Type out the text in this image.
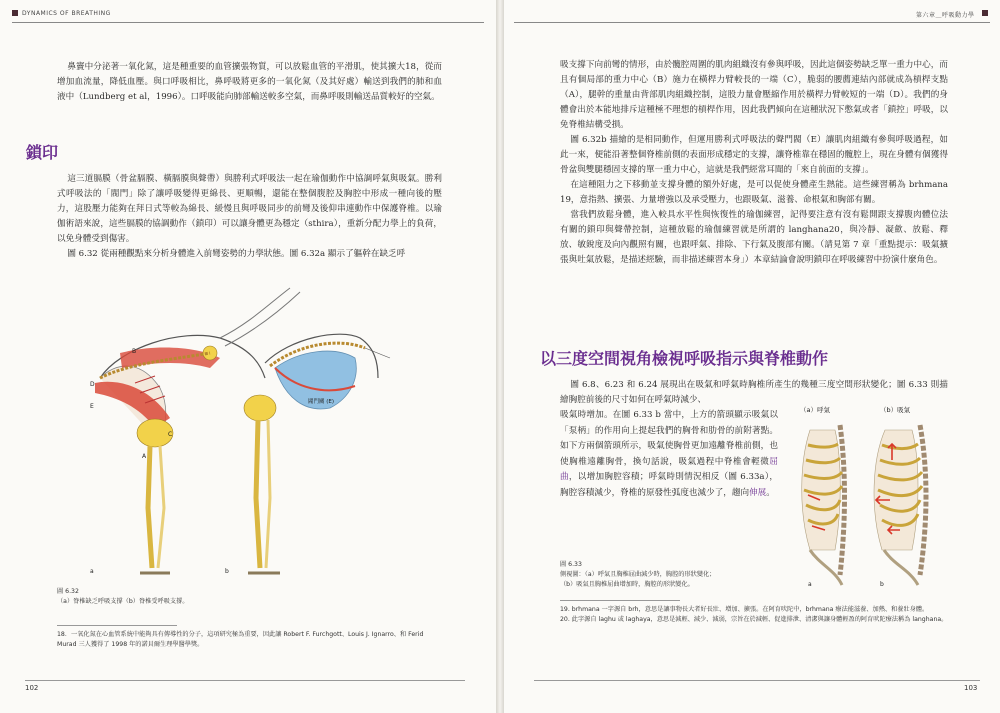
DYNAMICS OF BREATHING

鼻竇中分泌著一氧化氮，這是種重要的血管擴張物質，可以放鬆血管的平滑肌，使其擴大18，從而增加血流量，降低血壓。與口呼吸相比，鼻呼吸將更多的一氧化氮（及其好處）輸送到我們的肺和血液中（Lundberg et al，1996）。口呼吸能向肺部輸送較多空氣，而鼻呼吸則輸送品質較好的空氣。

鎖印

這三道膈膜（骨盆膈膜、橫膈膜與聲帶）與勝利式呼吸法一起在瑜伽動作中協調呼氣與吸氣。勝利式呼吸法的「閥門」除了讓呼吸變得更綿長、更順暢，還能在整個腹腔及胸腔中形成一種向後的壓力，這股壓力能夠在拜日式等較為綿長、緩慢且與呼吸同步的前彎及後仰串連動作中保護脊椎。以瑜伽術語來說，這些膈膜的協調動作（鎖印）可以讓身體更為穩定（sthira），重新分配力學上的負荷，以免身體受到傷害。

圖 6.32 從兩種觀點來分析身體進入前彎姿勢的力學狀態。圖 6.32a 顯示了軀幹在缺乏呼

B
D
E
C
A
a
閥門關 (E)
b
圖 6.32
（a）脊椎缺乏呼吸支撐（b）脊椎受呼吸支撐。
18．一氧化氮在心血管系統中能夠具有傳導性的分子，這項研究極為重要，因此讓 Robert F. Furchgott、Louis J. Ignarro、和 Ferid Murad 三人獲得了 1998 年的諾貝爾生理學醫學獎。
102
第六章＿呼吸動力學

吸支撐下向前彎的情形，由於髖腔周圍的肌肉組織沒有參與呼吸，因此這個姿勢缺乏單一重力中心，而且有個局部的重力中心（B）施力在橫桿力臂較長的一端（C），脆弱的腰薦連結內部就成為槓桿支點（A），腿幹的重量由背部肌肉組織控制，這股力量會壓縮作用於橫桿力臂較短的一端（D）。我們的身體會出於本能地排斥這種極不理想的槓桿作用，因此我們傾向在這種狀況下憋氣或者「鎖控」呼吸，以免脊椎結構受損。

圖 6.32b 描繪的是相同動作，但運用勝利式呼吸法的聲門閥（E）讓肌肉組織有參與呼吸過程，如此一來，便能沿著整個脊椎前側的表面形成穩定的支撐，讓脊椎靠在穩固的髖腔上，現在身體有個獲得骨盆與雙腿穩固支撐的單一重力中心，這就是我們經常耳聞的「來自前面的支撐」。

在這種阻力之下移動並支撐身體的額外好處，是可以促使身體產生熱能。這些練習稱為 brhmana 19，意指熱、擴張、力量增強以及承受壓力，也跟吸氣、滋養、命根氣和胸部有關。

當我們放鬆身體，進入較具水平性與恢復性的瑜伽練習，記得要注意有沒有鬆開跟支撐腹肉體位法有關的鎖印與聲帶控制，這種放鬆的瑜伽練習就是所謂的 langhana20，與冷靜、凝歛、放鬆、釋放、敏銳度及向內觀照有關，也跟呼氣、排除、下行氣及腹部有關。（請見第 7 章「重點提示：吸氣擴張與吐氣放鬆，是描述經驗，而非描述練習本身」）本章結論會說明鎖印在呼吸練習中扮演什麼角色。

以三度空間視角檢視呼吸指示與脊椎動作

圖 6.8、6.23 和 6.24 展現出在吸氣和呼氣時胸椎所產生的幾種三度空間形狀變化；圖 6.33 則描繪胸腔前後的尺寸如何在呼氣時減少、

吸氣時增加。在圖 6.33 b 當中，上方的箭頭顯示吸氣以「泵柄」的作用向上提起我們的胸骨和肋骨的前附著點。如下方兩個箭頭所示，吸氣使胸骨更加遠離脊椎前側，也使胸椎遠離胸骨，換句話說，吸氣過程中脊椎會輕微屈曲，以增加胸腔容積；呼氣時則情況相反（圖 6.33a），胸腔容積減少，脊椎的原發性弧度也減少了，趨向伸展。

（a）呼氣	（b）吸氣
a	b
圖 6.33
側視圖：（a）呼氣且胸椎屈曲減少時，胸腔的形狀變化；
（b）吸氣且胸椎屈曲增加時，胸腔的形狀變化。
19. brhmana 一字源自 brh，意思是讓事物長大者好長壯、增加、擴張。在阿育吠陀中，brhmana 療法能滋養、加熱、和養壯身體。
20. 此字源自 laghu 或 laghaya，意思是減輕、減少、減弱，宗旨在於減輕、促進排泄、清潔與讓身體輕盈的阿育吠陀療法稱為 langhana。
103
